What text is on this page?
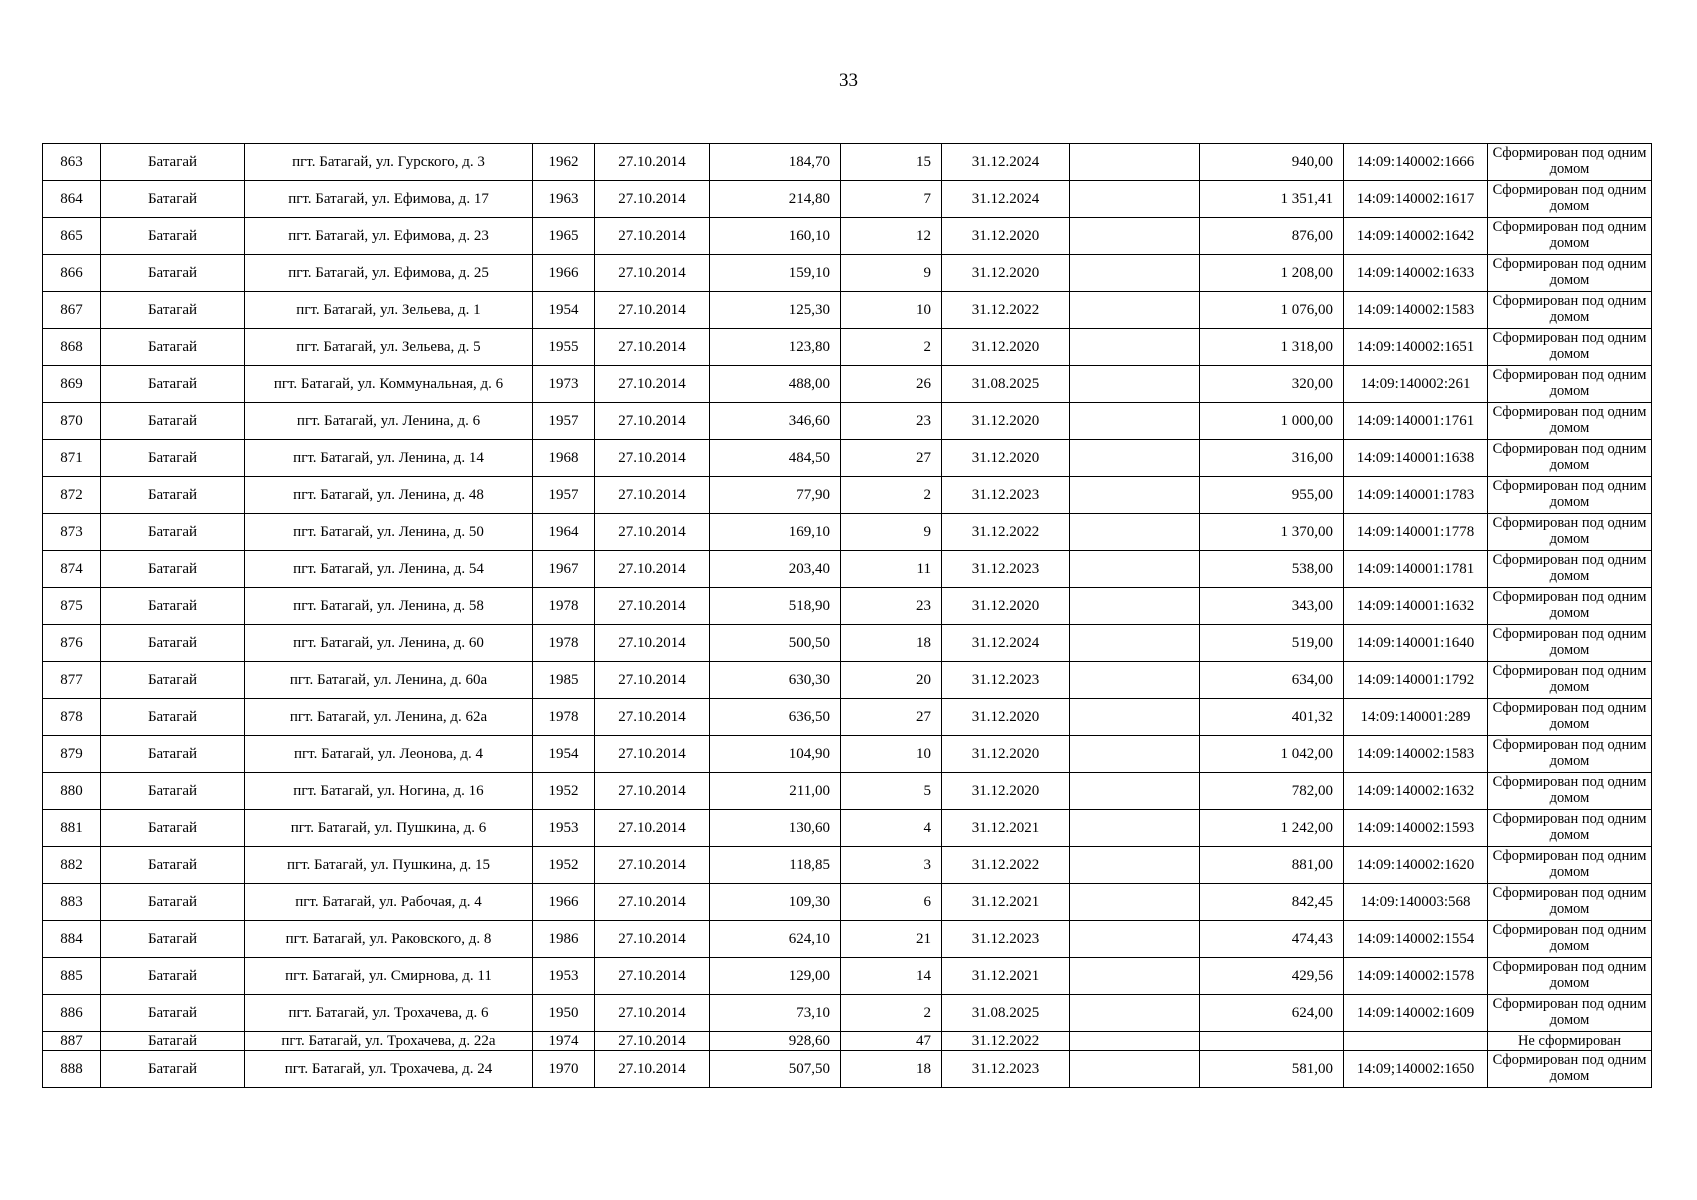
33
863	Батагай	пгт. Батагай, ул. Гурского, д. 3	1962	27.10.2014	184,70	15	31.12.2024		940,00	14:09:140002:1666	Сформирован под одним домом
864	Батагай	пгт. Батагай, ул. Ефимова, д. 17	1963	27.10.2014	214,80	7	31.12.2024		1 351,41	14:09:140002:1617	Сформирован под одним домом
865	Батагай	пгт. Батагай, ул. Ефимова, д. 23	1965	27.10.2014	160,10	12	31.12.2020		876,00	14:09:140002:1642	Сформирован под одним домом
866	Батагай	пгт. Батагай, ул. Ефимова, д. 25	1966	27.10.2014	159,10	9	31.12.2020		1 208,00	14:09:140002:1633	Сформирован под одним домом
867	Батагай	пгт. Батагай, ул. Зельева, д. 1	1954	27.10.2014	125,30	10	31.12.2022		1 076,00	14:09:140002:1583	Сформирован под одним домом
868	Батагай	пгт. Батагай, ул. Зельева, д. 5	1955	27.10.2014	123,80	2	31.12.2020		1 318,00	14:09:140002:1651	Сформирован под одним домом
869	Батагай	пгт. Батагай, ул. Коммунальная, д. 6	1973	27.10.2014	488,00	26	31.08.2025		320,00	14:09:140002:261	Сформирован под одним домом
870	Батагай	пгт. Батагай, ул. Ленина, д. 6	1957	27.10.2014	346,60	23	31.12.2020		1 000,00	14:09:140001:1761	Сформирован под одним домом
871	Батагай	пгт. Батагай, ул. Ленина, д. 14	1968	27.10.2014	484,50	27	31.12.2020		316,00	14:09:140001:1638	Сформирован под одним домом
872	Батагай	пгт. Батагай, ул. Ленина, д. 48	1957	27.10.2014	77,90	2	31.12.2023		955,00	14:09:140001:1783	Сформирован под одним домом
873	Батагай	пгт. Батагай, ул. Ленина, д. 50	1964	27.10.2014	169,10	9	31.12.2022		1 370,00	14:09:140001:1778	Сформирован под одним домом
874	Батагай	пгт. Батагай, ул. Ленина, д. 54	1967	27.10.2014	203,40	11	31.12.2023		538,00	14:09:140001:1781	Сформирован под одним домом
875	Батагай	пгт. Батагай, ул. Ленина, д. 58	1978	27.10.2014	518,90	23	31.12.2020		343,00	14:09:140001:1632	Сформирован под одним домом
876	Батагай	пгт. Батагай, ул. Ленина, д. 60	1978	27.10.2014	500,50	18	31.12.2024		519,00	14:09:140001:1640	Сформирован под одним домом
877	Батагай	пгт. Батагай, ул. Ленина, д. 60а	1985	27.10.2014	630,30	20	31.12.2023		634,00	14:09:140001:1792	Сформирован под одним домом
878	Батагай	пгт. Батагай, ул. Ленина, д. 62а	1978	27.10.2014	636,50	27	31.12.2020		401,32	14:09:140001:289	Сформирован под одним домом
879	Батагай	пгт. Батагай, ул. Леонова, д. 4	1954	27.10.2014	104,90	10	31.12.2020		1 042,00	14:09:140002:1583	Сформирован под одним домом
880	Батагай	пгт. Батагай, ул. Ногина, д. 16	1952	27.10.2014	211,00	5	31.12.2020		782,00	14:09:140002:1632	Сформирован под одним домом
881	Батагай	пгт. Батагай, ул. Пушкина, д. 6	1953	27.10.2014	130,60	4	31.12.2021		1 242,00	14:09:140002:1593	Сформирован под одним домом
882	Батагай	пгт. Батагай, ул. Пушкина, д. 15	1952	27.10.2014	118,85	3	31.12.2022		881,00	14:09:140002:1620	Сформирован под одним домом
883	Батагай	пгт. Батагай, ул. Рабочая, д. 4	1966	27.10.2014	109,30	6	31.12.2021		842,45	14:09:140003:568	Сформирован под одним домом
884	Батагай	пгт. Батагай, ул. Раковского, д. 8	1986	27.10.2014	624,10	21	31.12.2023		474,43	14:09:140002:1554	Сформирован под одним домом
885	Батагай	пгт. Батагай, ул. Смирнова, д. 11	1953	27.10.2014	129,00	14	31.12.2021		429,56	14:09:140002:1578	Сформирован под одним домом
886	Батагай	пгт. Батагай, ул. Трохачева, д. 6	1950	27.10.2014	73,10	2	31.08.2025		624,00	14:09:140002:1609	Сформирован под одним домом
887	Батагай	пгт. Батагай, ул. Трохачева, д. 22а	1974	27.10.2014	928,60	47	31.12.2022				Не сформирован
888	Батагай	пгт. Батагай, ул. Трохачева, д. 24	1970	27.10.2014	507,50	18	31.12.2023		581,00	14:09;140002:1650	Сформирован под одним домом
